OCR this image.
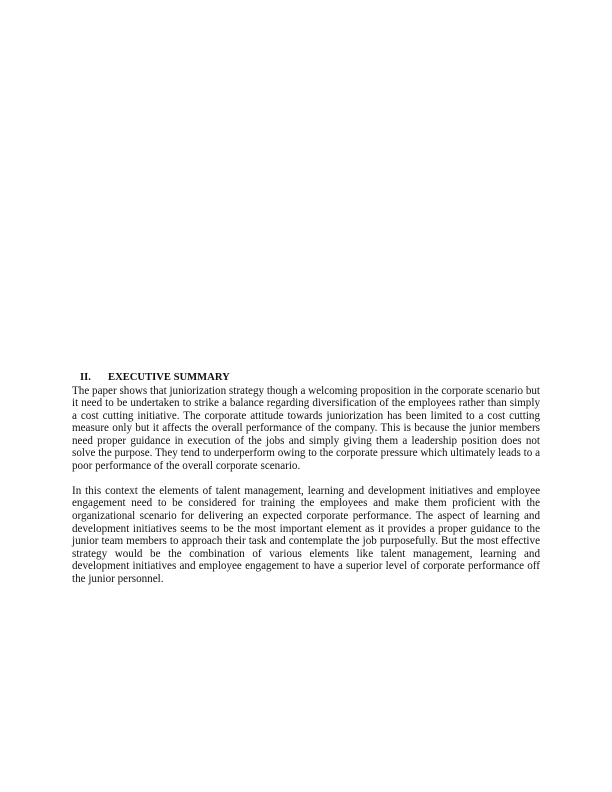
II.	EXECUTIVE SUMMARY

The paper shows that juniorization strategy though a welcoming proposition in the corporate scenario but it need to be undertaken to strike a balance regarding diversification of the employees rather than simply a cost cutting initiative. The corporate attitude towards juniorization has been limited to a cost cutting measure only but it affects the overall performance of the company. This is because the junior members need proper guidance in execution of the jobs and simply giving them a leadership position does not solve the purpose. They tend to underperform owing to the corporate pressure which ultimately leads to a poor performance of the overall corporate scenario.

In this context the elements of talent management, learning and development initiatives and employee engagement need to be considered for training the employees and make them proficient with the organizational scenario for delivering an expected corporate performance. The aspect of learning and development initiatives seems to be the most important element as it provides a proper guidance to the junior team members to approach their task and contemplate the job purposefully. But the most effective strategy would be the combination of various elements like talent management, learning and development initiatives and employee engagement to have a superior level of corporate performance off the junior personnel.
